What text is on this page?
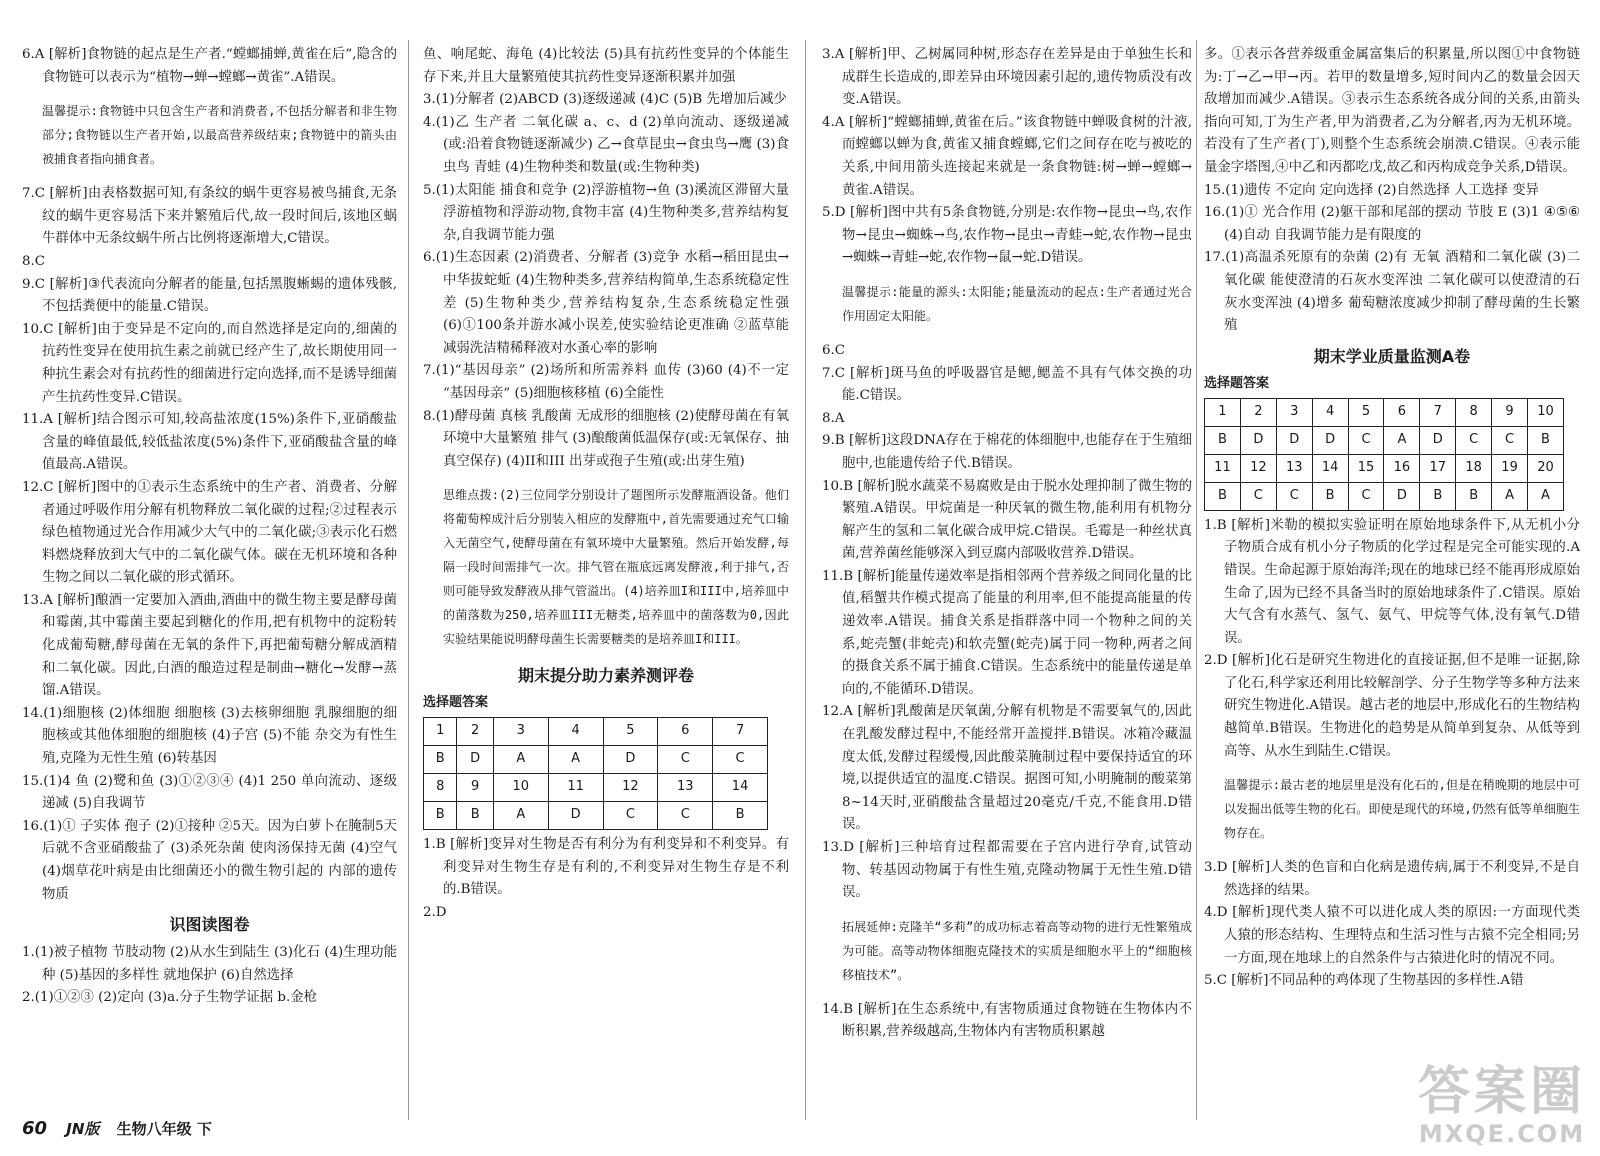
6.A [解析]食物链的起点是生产者.“螳螂捕蝉,黄雀在后”,隐含的食物链可以表示为“植物→蝉→螳螂→黄雀”.A错误。

温馨提示:食物链中只包含生产者和消费者,不包括分解者和非生物部分;食物链以生产者开始,以最高营养级结束;食物链中的箭头由被捕食者指向捕食者。

7.C [解析]由表格数据可知,有条纹的蜗牛更容易被鸟捕食,无条纹的蜗牛更容易活下来并繁殖后代,故一段时间后,该地区蜗牛群体中无条纹蜗牛所占比例将逐渐增大,C错误。

8.C

9.C [解析]③代表流向分解者的能量,包括黑腹蜥蜴的遗体残骸,不包括粪便中的能量.C错误。

10.C [解析]由于变异是不定向的,而自然选择是定向的,细菌的抗药性变异在使用抗生素之前就已经产生了,故长期使用同一种抗生素会对有抗药性的细菌进行定向选择,而不是诱导细菌产生抗药性变异.C错误。

11.A [解析]结合图示可知,较高盐浓度(15%)条件下,亚硝酸盐含量的峰值最低,较低盐浓度(5%)条件下,亚硝酸盐含量的峰值最高.A错误。

12.C [解析]图中的①表示生态系统中的生产者、消费者、分解者通过呼吸作用分解有机物释放二氧化碳的过程;②过程表示绿色植物通过光合作用减少大气中的二氧化碳;③表示化石燃料燃烧释放到大气中的二氧化碳气体。碳在无机环境和各种生物之间以二氧化碳的形式循环。

13.A [解析]酿酒一定要加入酒曲,酒曲中的微生物主要是酵母菌和霉菌,其中霉菌主要起到糖化的作用,把有机物中的淀粉转化成葡萄糖,酵母菌在无氧的条件下,再把葡萄糖分解成酒精和二氧化碳。因此,白酒的酿造过程是制曲→糖化→发酵→蒸馏.A错误。

14.(1)细胞核 (2)体细胞 细胞核 (3)去核卵细胞 乳腺细胞的细胞核或其他体细胞的细胞核 (4)子宫 (5)不能 杂交为有性生殖,克隆为无性生殖 (6)转基因

15.(1)4 鱼 (2)鹭和鱼 (3)①②③④ (4)1 250 单向流动、逐级递减 (5)自我调节

16.(1)① 子实体 孢子 (2)①接种 ②5天。因为白萝卜在腌制5天后就不含亚硝酸盐了 (3)杀死杂菌 使肉汤保持无菌 (4)空气 (4)烟草花叶病是由比细菌还小的微生物引起的 内部的遗传物质

识图读图卷

1.(1)被子植物 节肢动物 (2)从水生到陆生 (3)化石 (4)生理功能 种 (5)基因的多样性 就地保护 (6)自然选择

2.(1)①②③ (2)定向 (3)a.分子生物学证据 b.金枪

鱼、响尾蛇、海龟 (4)比较法 (5)具有抗药性变异的个体能生存下来,并且大量繁殖使其抗药性变异逐渐积累并加强

3.(1)分解者 (2)ABCD (3)逐级递减 (4)C (5)B 先增加后减少

4.(1)乙 生产者 二氧化碳 a、c、d (2)单向流动、逐级递减(或:沿着食物链逐渐减少) 乙→食草昆虫→食虫鸟→鹰 (3)食虫鸟 青蛙 (4)生物种类和数量(或:生物种类)

5.(1)太阳能 捕食和竞争 (2)浮游植物→鱼 (3)溪流区滞留大量浮游植物和浮游动物,食物丰富 (4)生物种类多,营养结构复杂,自我调节能力强

6.(1)生态因素 (2)消费者、分解者 (3)竞争 水稻→稻田昆虫→中华拔蛇蚯 (4)生物种类多,营养结构简单,生态系统稳定性差 (5)生物种类少,营养结构复杂,生态系统稳定性强 (6)①100条并游水减小误差,使实验结论更准确 ②蓝草能减弱洗洁精稀释液对水蚤心率的影响

7.(1)“基因母亲” (2)场所和所需养料 血传 (3)60 (4)不一定 “基因母亲” (5)细胞核移植 (6)全能性

8.(1)酵母菌 真核 乳酸菌 无成形的细胞核 (2)使酵母菌在有氧环境中大量繁殖 排气 (3)酿酸菌低温保存(或:无氧保存、抽真空保存) (4)II和III 出芽或孢子生殖(或:出芽生殖)

思维点拨:(2)三位同学分别设计了题图所示发酵瓶酒设备。他们将葡萄榨成汁后分别装入相应的发酵瓶中,首先需要通过充气口输入无菌空气,使酵母菌在有氧环境中大量繁殖。然后开始发酵,每隔一段时间需排气一次。排气管在瓶底远离发酵液,利于排气,否则可能导致发酵液从排气管溢出。(4)培养皿I和III中,培养皿中的菌落数为250,培养皿III无糖类,培养皿中的菌落数为0,因此实验结果能说明酵母菌生长需要糖类的是培养皿I和III。

期末提分助力素养测评卷
选择题答案
1	2	3	4	5	6	7
B	D	A	A	D	C	C
8	9	10	11	12	13	14
B	B	A	D	C	C	B

1.B [解析]变异对生物是否有利分为有利变异和不利变异。有利变异对生物生存是有利的,不利变异对生物生存是不利的.B错误。

2.D

3.A [解析]甲、乙树属同种树,形态存在差异是由于单独生长和成群生长造成的,即差异由环境因素引起的,遗传物质没有改变.A错误。

4.A [解析]“螳螂捕蝉,黄雀在后。”该食物链中蝉吸食树的汁液,而螳螂以蝉为食,黄雀又捕食螳螂,它们之间存在吃与被吃的关系,中间用箭头连接起来就是一条食物链:树→蝉→螳螂→黄雀.A错误。

5.D [解析]图中共有5条食物链,分别是:农作物→昆虫→鸟,农作物→昆虫→蜘蛛→鸟,农作物→昆虫→青蛙→蛇,农作物→昆虫→蜘蛛→青蛙→蛇,农作物→鼠→蛇.D错误。

温馨提示:能量的源头:太阳能;能量流动的起点:生产者通过光合作用固定太阳能。

6.C

7.C [解析]斑马鱼的呼吸器官是鳃,鳃盖不具有气体交换的功能.C错误。

8.A

9.B [解析]这段DNA存在于棉花的体细胞中,也能存在于生殖细胞中,也能遗传给子代.B错误。

10.B [解析]脱水蔬菜不易腐败是由于脱水处理抑制了微生物的繁殖.A错误。甲烷菌是一种厌氧的微生物,能利用有机物分解产生的氢和二氧化碳合成甲烷.C错误。毛霉是一种丝状真菌,营养菌丝能够深入到豆腐内部吸收营养.D错误。

11.B [解析]能量传递效率是指相邻两个营养级之间同化量的比值,稻蟹共作模式提高了能量的利用率,但不能提高能量的传递效率.A错误。捕食关系是指群落中同一个物种之间的关系,蛇壳蟹(非蛇壳)和软壳蟹(蛇壳)属于同一物种,两者之间的摄食关系不属于捕食.C错误。生态系统中的能量传递是单向的,不能循环.D错误。

12.A [解析]乳酸菌是厌氧菌,分解有机物是不需要氧气的,因此在乳酸发酵过程中,不能经常开盖搅拌.B错误。冰箱冷藏温度太低,发酵过程缓慢,因此酸菜腌制过程中要保持适宜的环境,以提供适宜的温度.C错误。据图可知,小明腌制的酸菜第8~14天时,亚硝酸盐含量超过20毫克/千克,不能食用.D错误。

13.D [解析]三种培育过程都需要在子宫内进行孕育,试管动物、转基因动物属于有性生殖,克隆动物属于无性生殖.D错误。

拓展延伸:克隆羊“多莉”的成功标志着高等动物的进行无性繁殖成为可能。高等动物体细胞克隆技术的实质是细胞水平上的“细胞核移植技术”。

14.B [解析]在生态系统中,有害物质通过食物链在生物体内不断积累,营养级越高,生物体内有害物质积累越

多。①表示各营养级重金属富集后的积累量,所以图①中食物链为:丁→乙→甲→丙。若甲的数量增多,短时间内乙的数量会因天敌增加而减少.A错误。③表示生态系统各成分间的关系,由箭头指向可知,丁为生产者,甲为消费者,乙为分解者,丙为无机环境。若没有了生产者(丁),则整个生态系统会崩溃.C错误。④表示能量金字塔图,④中乙和丙都吃戊,故乙和丙构成竞争关系,D错误。

15.(1)遗传 不定向 定向选择 (2)自然选择 人工选择 变异

16.(1)① 光合作用 (2)躯干部和尾部的摆动 节肢 E (3)1 ④⑤⑥ (4)自动 自我调节能力是有限度的

17.(1)高温杀死原有的杂菌 (2)有 无氧 酒精和二氧化碳 (3)二氧化碳 能使澄清的石灰水变浑浊 二氧化碳可以使澄清的石灰水变浑浊 (4)增多 葡萄糖浓度减少抑制了酵母菌的生长繁殖

期末学业质量监测A卷
选择题答案
1	2	3	4	5	6	7	8	9	10
B	D	D	D	C	A	D	C	C	B
11	12	13	14	15	16	17	18	19	20
B	C	C	B	C	D	B	B	A	A

1.B [解析]米勒的模拟实验证明在原始地球条件下,从无机小分子物质合成有机小分子物质的化学过程是完全可能实现的.A错误。生命起源于原始海洋;现在的地球已经不能再形成原始生命了,因为已经不具备当时的原始地球条件了.C错误。原始大气含有水蒸气、氢气、氨气、甲烷等气体,没有氧气.D错误。

2.D [解析]化石是研究生物进化的直接证据,但不是唯一证据,除了化石,科学家还利用比较解剖学、分子生物学等多种方法来研究生物进化.A错误。越古老的地层中,形成化石的生物结构越简单.B错误。生物进化的趋势是从简单到复杂、从低等到高等、从水生到陆生.C错误。

温馨提示:最古老的地层里是没有化石的,但是在稍晚期的地层中可以发掘出低等生物的化石。即使是现代的环境,仍然有低等单细胞生物存在。

3.D [解析]人类的色盲和白化病是遗传病,属于不利变异,不是自然选择的结果。

4.D [解析]现代类人猿不可以进化成人类的原因:一方面现代类人猿的形态结构、生理特点和生活习性与古猿不完全相同;另一方面,现在地球上的自然条件与古猿进化时的情况不同。

5.C [解析]不同品种的鸡体现了生物基因的多样性.A错

60 JN版 生物八年级 下
答案圈
MXQE.COM
